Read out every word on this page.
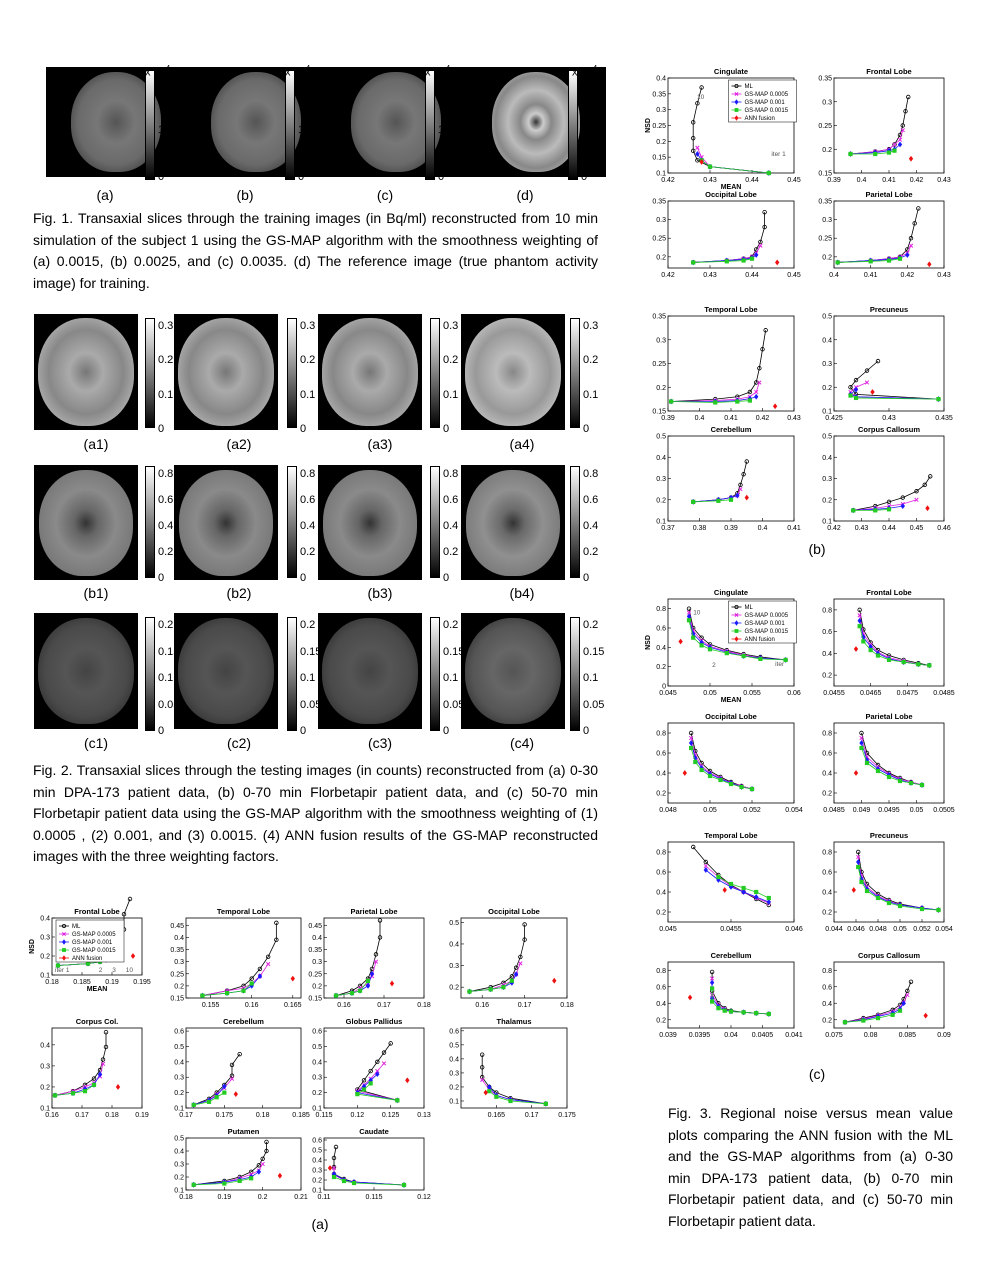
x $10^4$	x $10^4$	x $10^4$	x $10^4$
2
1
0
2
1
0
2
1
0
2
1
0
(a)	(b)	(c)	(d)
Fig. 1. Transaxial slices through the training images (in Bq/ml) reconstructed from 10 min simulation of the subject 1 using the GS-MAP algorithm with the smoothness weighting of (a) 0.0015, (b) 0.0025, and (c) 0.0035. (d) The reference image (true phantom activity image) for training.
0.3
0.2
0.1
0
0.3
0.2
0.1
0
0.3
0.2
0.1
0
0.3
0.2
0.1
0
0.8
0.6
0.4
0.2
0
0.8
0.6
0.4
0.2
0
0.8
0.6
0.4
0.2
0
0.8
0.6
0.4
0.2
0
0.2
0.15
0.1
0.05
0
0.2
0.15
0.1
0.05
0
0.2
0.15
0.1
0.05
0
0.2
0.15
0.1
0.05
0
(a1)	(a2)	(a3)	(a4)
(b1)	(b2)	(b3)	(b4)
(c1)	(c2)	(c3)	(c4)
Fig. 2. Transaxial slices through the testing images (in counts) reconstructed from (a) 0-30 min DPA-173 patient data, (b) 0-70 min Florbetapir patient data, and (c) 50-70 min Florbetapir patient data using the GS-MAP algorithm with the smoothness weighting of (1) 0.0005 , (2) 0.001, and (3) 0.0015. (4) ANN fusion results of the GS-MAP reconstructed images with the three weighting factors.
Frontal Lobe
0.18 0.185 0.19 0.195
0.4
0.3
0.2
0.1
iter 1	2 3 10
NSD
MEAN
ML
GS-MAP 0.0005
GS-MAP 0.001
GS-MAP 0.0015
ANN fusion
Temporal Lobe
0.155	0.16	0.165
0.45
0.4
0.35
0.3
0.25
0.2
0.15
Parietal Lobe
0.16	0.17	0.18
0.45
0.4
0.35
0.3
0.25
0.2
0.15
Occipital Lobe
0.16	0.17	0.18
0.5
0.4
0.3
0.2
Corpus Col.
0.16 0.17 0.18 0.19
0.4
0.3
0.2
0.1
Cerebellum
0.17	0.175	0.18	0.185
0.6
0.5
0.4
0.3
0.2
0.1
Globus Pallidus
0.115	0.12	0.125	0.13
0.6
0.5
0.4
0.3
0.2
0.1
Thalamus
0.165	0.17	0.175
0.6
0.5
0.4
0.3
0.2
0.1
Putamen
0.18	0.19	0.2	0.21
0.5
0.4
0.3
0.2
0.1
Caudate
0.11	0.115	0.12
0.6
0.5
0.4
0.3
0.2
0.1
Cingulate
0.42	0.43	0.44	0.45
0.4
0.35
0.3
0.25
0.2
0.15
0.1
10
iter 1
NSD
MEAN
ML
GS-MAP 0.0005
GS-MAP 0.001
GS-MAP 0.0015
ANN fusion
Frontal Lobe
0.39 0.4 0.41 0.42 0.43
0.35
0.3
0.25
0.2
0.15
Occipital Lobe
0.42	0.43	0.44	0.45
0.35
0.3
0.25
0.2
Parietal Lobe
0.4	0.41	0.42	0.43
0.35
0.3
0.25
0.2
Temporal Lobe
0.39	0.4	0.41	0.42	0.43
0.35
0.3
0.25
0.2
0.15
Precuneus
0.425	0.43	0.435
0.5
0.4
0.3
0.2
0.1
Cerebellum
0.37	0.38	0.39	0.4	0.41
0.5
0.4
0.3
0.2
0.1
Corpus Callosum
0.42 0.43 0.44 0.45 0.46
0.5
0.4
0.3
0.2
0.1
Cingulate
0.045	0.05	0.055	0.06
0.8
0.6
0.4
0.2
0
10
2	iter
NSD
MEAN
ML
GS-MAP 0.0005
GS-MAP 0.001
GS-MAP 0.0015
ANN fusion
Frontal Lobe
0.0455 0.0465 0.0475 0.0485
0.8
0.6
0.4
0.2
Occipital Lobe
0.048	0.05	0.052	0.054
0.8
0.6
0.4
0.2
Parietal Lobe
0.0485 0.049 0.0495 0.05 0.0505
0.8
0.6
0.4
0.2
Temporal Lobe
0.045	0.0455	0.046
0.8
0.6
0.4
0.2
Precuneus
0.044 0.046 0.048 0.05 0.052 0.054
0.8
0.6
0.4
0.2
Cerebellum
0.039 0.0395 0.04 0.0405 0.041
0.8
0.6
0.4
0.2
Corpus Callosum
0.075	0.08	0.085	0.09
0.8
0.6
0.4
0.2
(a)
(b)
(c)
Fig. 3. Regional noise versus mean value plots comparing the ANN fusion with the ML and the GS-MAP algorithms from (a) 0-30 min DPA-173 patient data, (b) 0-70 min Florbetapir patient data, and (c) 50-70 min Florbetapir patient data.
